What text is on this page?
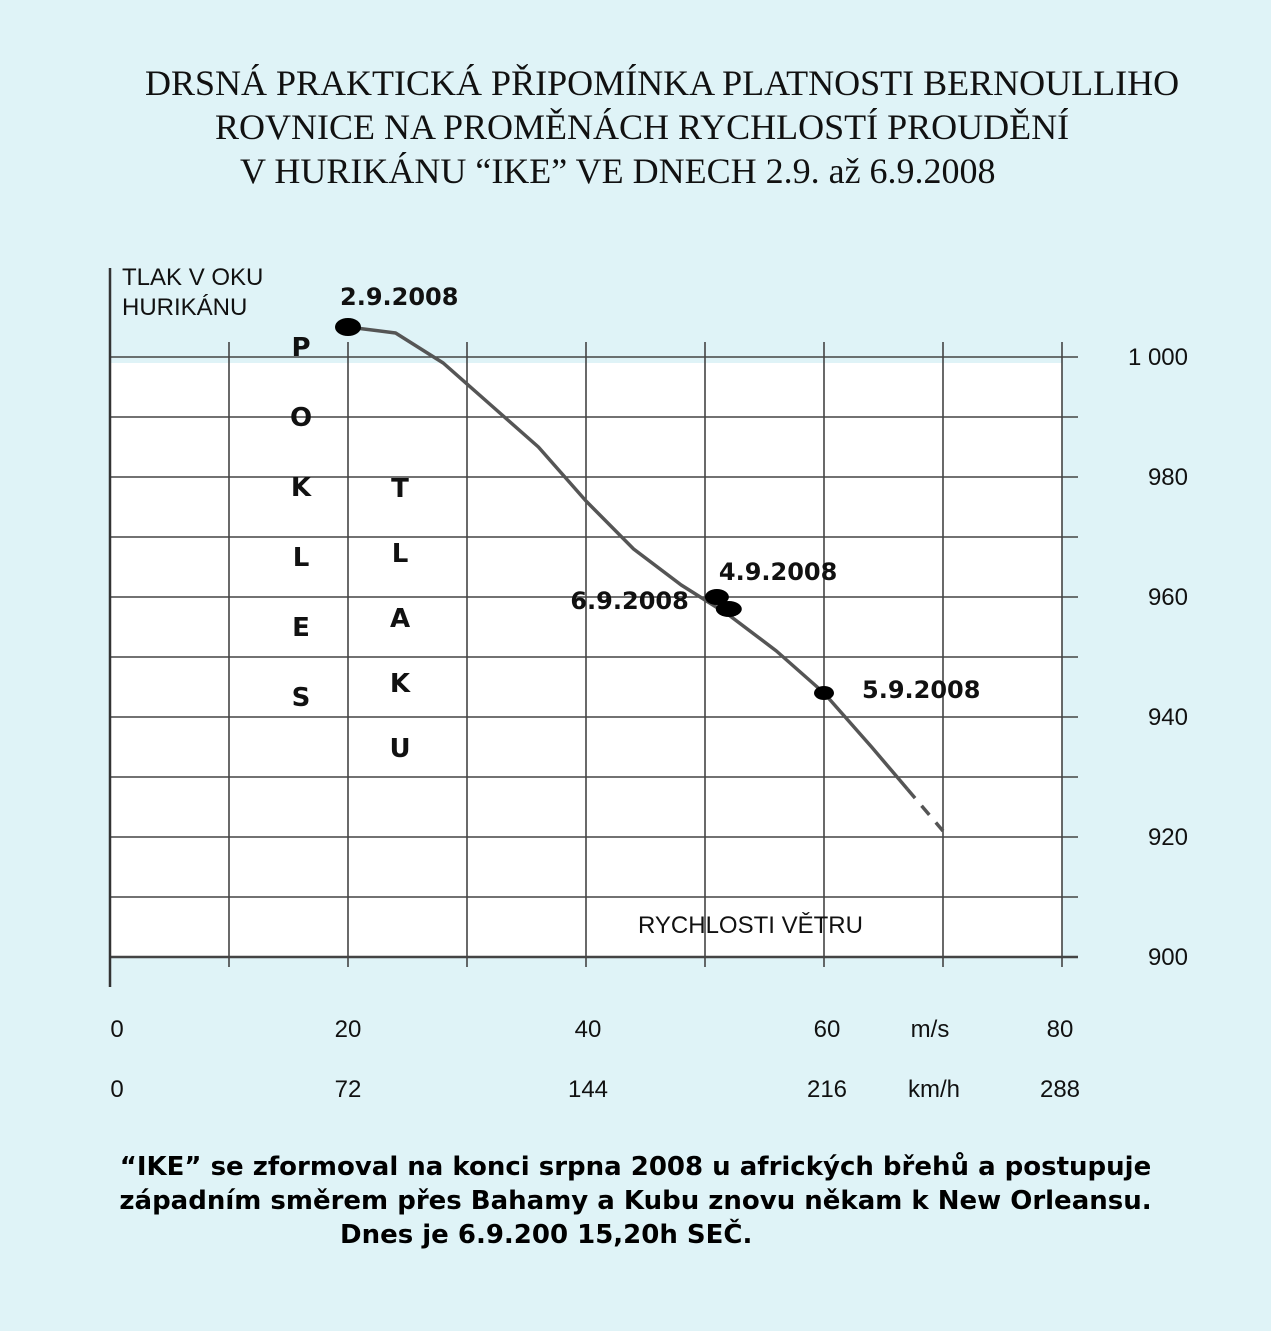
DRSNÁ PRAKTICKÁ PŘIPOMÍNKA PLATNOSTI BERNOULLIHO
ROVNICE NA PROMĚNÁCH RYCHLOSTÍ PROUDĚNÍ
V HURIKÁNU “IKE” VE DNECH 2.9. až 6.9.2008
TLAK V OKU
HURIKÁNU
1 000
980
960
940
920
900
RYCHLOSTI VĚTRU
0
0
20
72
40
144
60
216
80
288
m/s
km/h
2.9.2008
4.9.2008
6.9.2008
5.9.2008
P
O
K
L
E
S
T
L
A
K
U
“IKE” se zformoval na konci srpna 2008 u afrických břehů a postupuje
západním směrem přes Bahamy a Kubu znovu někam k New Orleansu.
Dnes je 6.9.200 15,20h SEČ.
